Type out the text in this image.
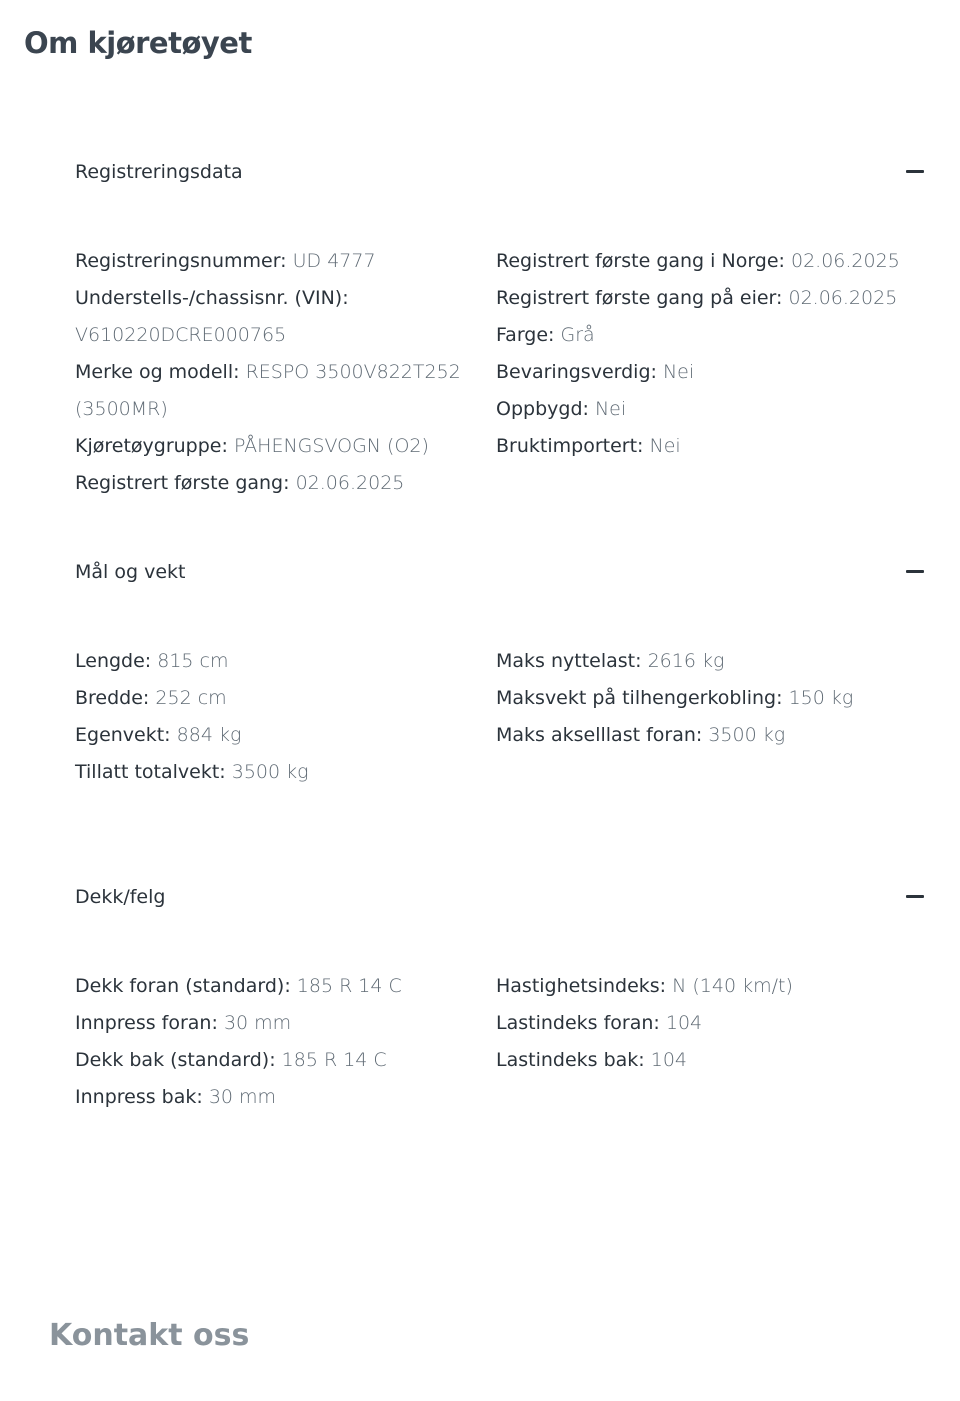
Om kjøretøyet
Registreringsdata

Registreringsnummer: UD 4777

Understells-/chassisnr. (VIN):
V610220DCRE000765

Merke og modell: RESPO 3500V822T252 (3500MR)

Kjøretøygruppe: PÅHENGSVOGN (O2)

Registrert første gang: 02.06.2025

Registrert første gang i Norge: 02.06.2025

Registrert første gang på eier: 02.06.2025

Farge: Grå

Bevaringsverdig: Nei

Oppbygd: Nei

Bruktimportert: Nei

Mål og vekt

Lengde: 815 cm

Bredde: 252 cm

Egenvekt: 884 kg

Tillatt totalvekt: 3500 kg

Maks nyttelast: 2616 kg

Maksvekt på tilhengerkobling: 150 kg

Maks akselllast foran: 3500 kg

Dekk/felg

Dekk foran (standard): 185 R 14 C

Innpress foran: 30 mm

Dekk bak (standard): 185 R 14 C

Innpress bak: 30 mm

Hastighetsindeks: N (140 km/t)

Lastindeks foran: 104

Lastindeks bak: 104

Kontakt oss
